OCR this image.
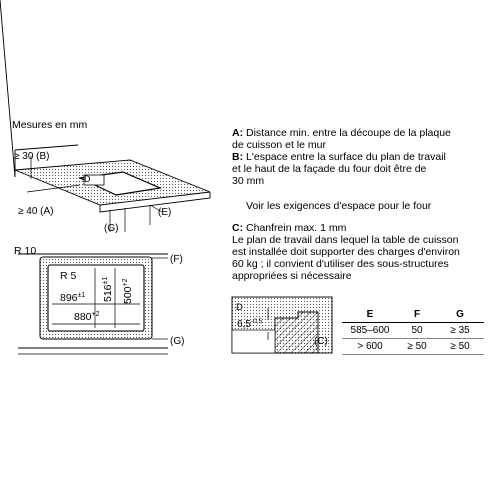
Mesures en mm
D
≥ 30 (B)
≥ 40 (A)	(E)
(G)
R 10
R 5
$896^{\pm 1}$
$880^{+2}$
$516^{\pm 1}$
$500^{+2}$
(F)
(G)
D
$6,5^{-0,5}$
(C)
A: Distance min. entre la découpe de la plaque
de cuisson et le mur
B: L'espace entre la surface du plan de travail
et le haut de la façade du four doit être de
30 mm
Voir les exigences d'espace pour le four
C: Chanfrein max. 1 mm
Le plan de travail dans lequel la table de cuisson
est installée doit supporter des charges d'environ
60 kg ; il convient d'utiliser des sous-structures
appropriées si nécessaire
E	F	G
585–600	50	≥ 35
> 600	≥ 50	≥ 50
